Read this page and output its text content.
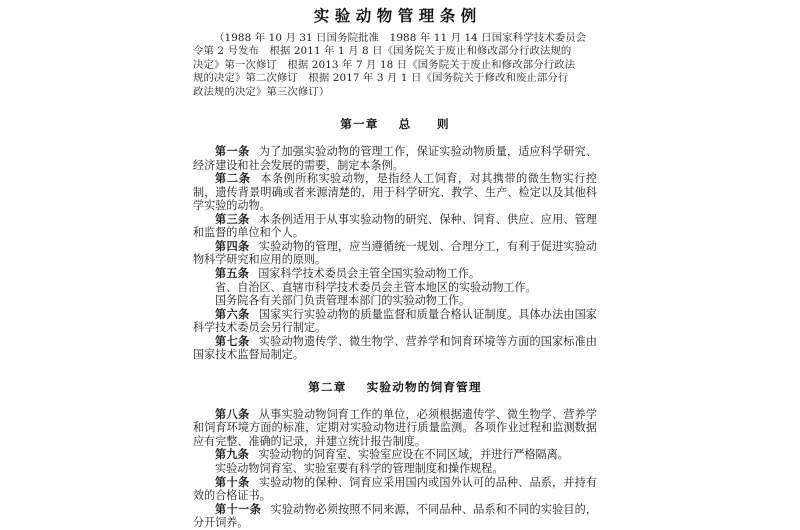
实验动物管理条例
（1988 年 10 月 31 日国务院批准　1988 年 11 月 14 日国家科学技术委员会
令第 2 号发布　根据 2011 年 1 月 8 日《国务院关于废止和修改部分行政法规的
决定》第一次修订　根据 2013 年 7 月 18 日《国务院关于废止和修改部分行政法
规的决定》第二次修订　根据 2017 年 3 月 1 日《国务院关于修改和废止部分行
政法规的决定》第三次修订）
第一章 总　　则

第一条 为了加强实验动物的管理工作，保证实验动物质量，适应科学研究、经济建设和社会发展的需要，制定本条例。

第二条 本条例所称实验动物，是指经人工饲育，对其携带的微生物实行控制，遗传背景明确或者来源清楚的，用于科学研究、教学、生产、检定以及其他科学实验的动物。

第三条 本条例适用于从事实验动物的研究、保种、饲育、供应、应用、管理和监督的单位和个人。

第四条 实验动物的管理，应当遵循统一规划、合理分工，有利于促进实验动物科学研究和应用的原则。

第五条 国家科学技术委员会主管全国实验动物工作。

省、自治区、直辖市科学技术委员会主管本地区的实验动物工作。

国务院各有关部门负责管理本部门的实验动物工作。

第六条 国家实行实验动物的质量监督和质量合格认证制度。具体办法由国家科学技术委员会另行制定。

第七条 实验动物遗传学、微生物学、营养学和饲育环境等方面的国家标准由国家技术监督局制定。

第二章 实验动物的饲育管理

第八条 从事实验动物饲育工作的单位，必须根据遗传学、微生物学、营养学和饲育环境方面的标准，定期对实验动物进行质量监测。各项作业过程和监测数据应有完整、准确的记录，并建立统计报告制度。

第九条 实验动物的饲育室、实验室应设在不同区域，并进行严格隔离。

实验动物饲育室、实验室要有科学的管理制度和操作规程。

第十条 实验动物的保种、饲育应采用国内或国外认可的品种、品系，并持有效的合格证书。

第十一条 实验动物必须按照不同来源，不同品种、品系和不同的实验目的，分开饲养。
